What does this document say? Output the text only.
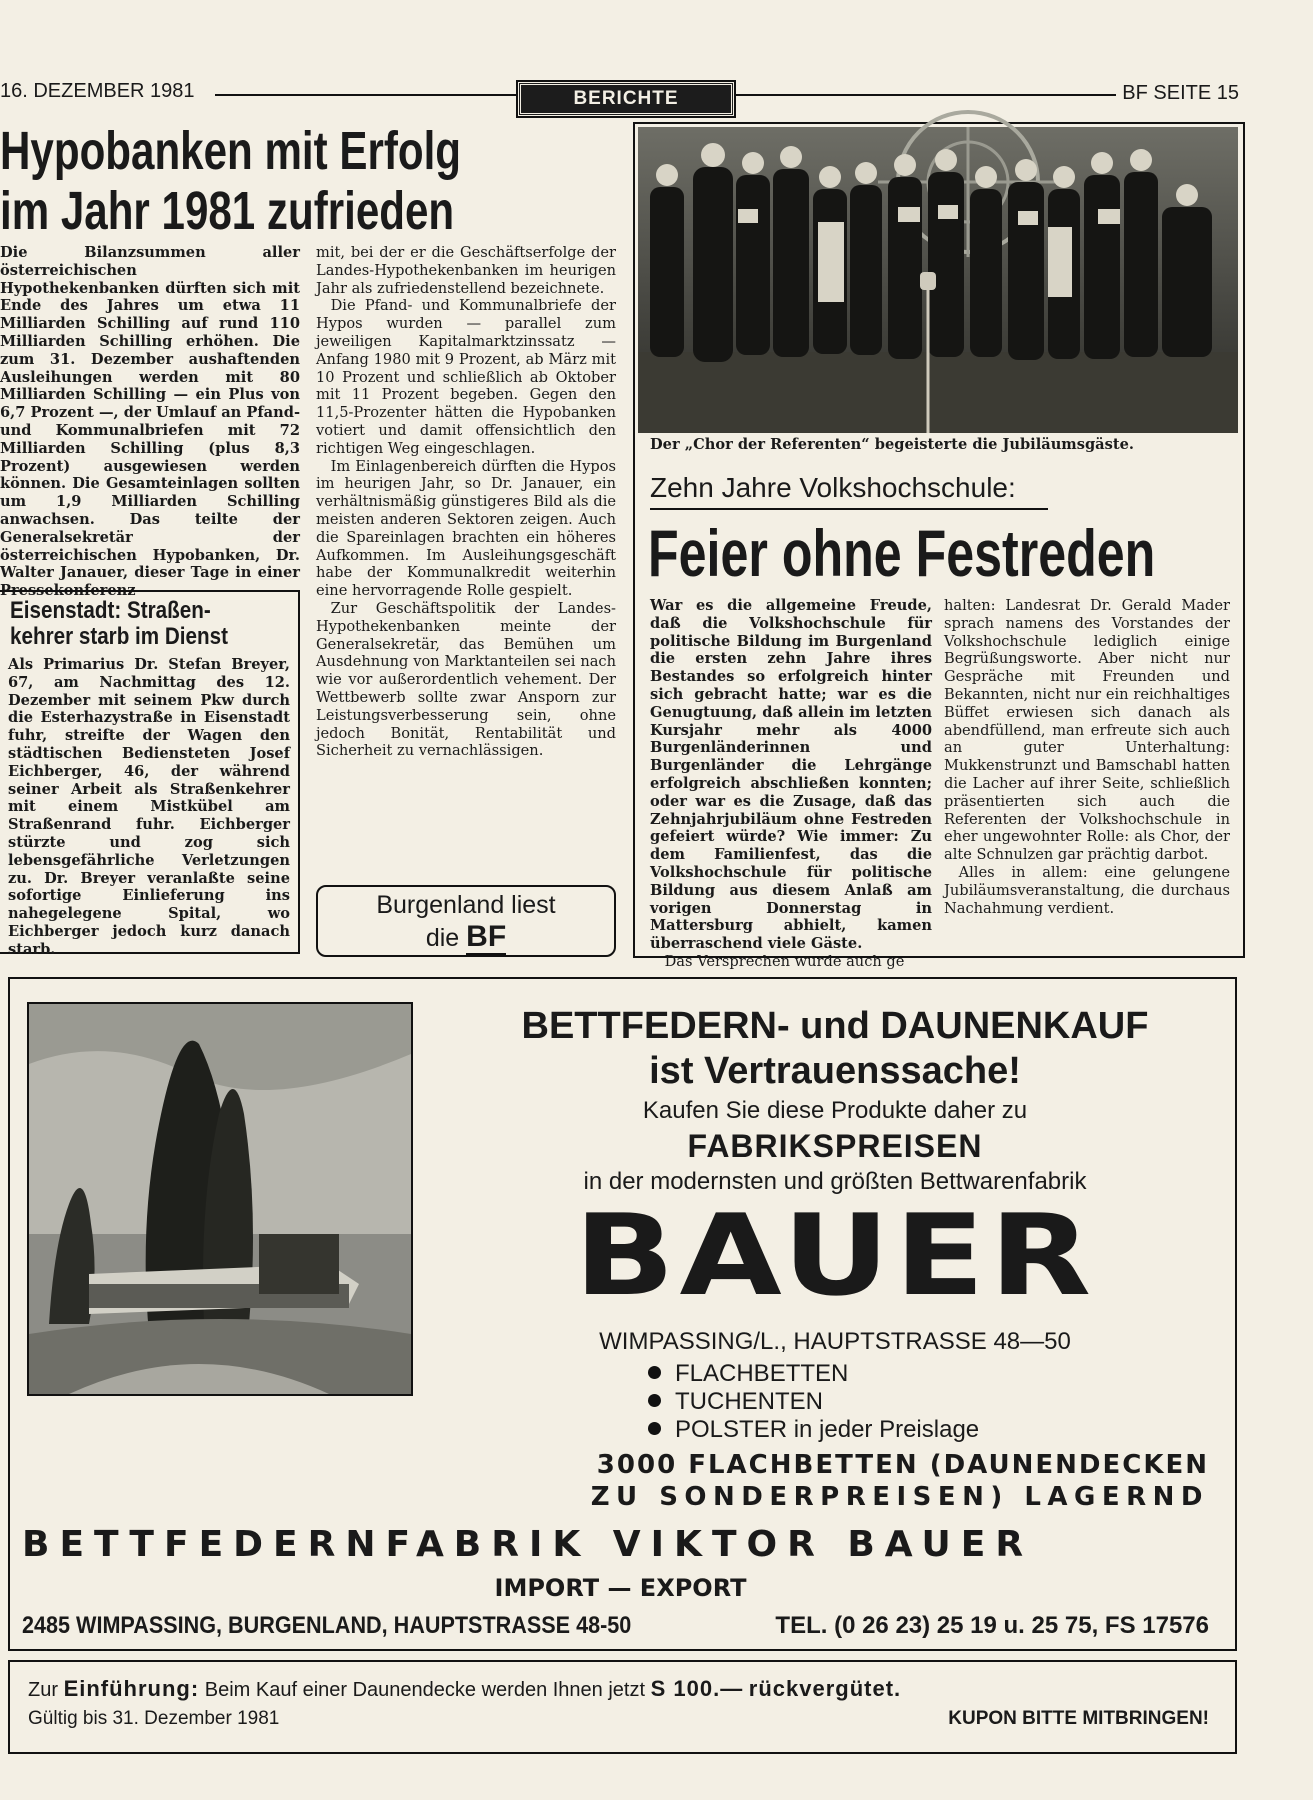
16. DEZEMBER 1981	BERICHTE	BF SEITE 15
Hypobanken mit Erfolg
im Jahr 1981 zufrieden

Die Bilanzsummen aller österreichischen Hypothekenbanken dürften sich mit Ende des Jahres um etwa 11 Milliarden Schilling auf rund 110 Milliarden Schilling erhöhen. Die zum 31. Dezember aushaftenden Ausleihungen werden mit 80 Milliarden Schilling — ein Plus von 6,7 Prozent —, der Umlauf an Pfand- und Kommunalbriefen mit 72 Milliarden Schilling (plus 8,3 Prozent) ausgewiesen werden können. Die Gesamteinlagen sollten um 1,9 Milliarden Schilling anwachsen. Das teilte der Generalsekretär der österreichischen Hypobanken, Dr. Walter Janauer, dieser Tage in einer Pressekonferenz

mit, bei der er die Geschäftserfolge der Landes-Hypothekenbanken im heurigen Jahr als zufriedenstellend bezeichnete.

Die Pfand- und Kommunalbriefe der Hypos wurden — parallel zum jeweiligen Kapitalmarktzinssatz — Anfang 1980 mit 9 Prozent, ab März mit 10 Prozent und schließlich ab Oktober mit 11 Prozent begeben. Gegen den 11,5-Prozenter hätten die Hypobanken votiert und damit offensichtlich den richtigen Weg eingeschlagen.

Im Einlagenbereich dürften die Hypos im heurigen Jahr, so Dr. Janauer, ein verhältnismäßig günstigeres Bild als die meisten anderen Sektoren zeigen. Auch die Spareinlagen brachten ein höheres Aufkommen. Im Ausleihungsgeschäft habe der Kommunalkredit weiterhin eine hervorragende Rolle gespielt.

Zur Geschäftspolitik der Landes-Hypothekenbanken meinte der Generalsekretär, das Bemühen um Ausdehnung von Marktanteilen sei nach wie vor außerordentlich vehement. Der Wettbewerb sollte zwar Ansporn zur Leistungsverbesserung sein, ohne jedoch Bonität, Rentabilität und Sicherheit zu vernachlässigen.

Eisenstadt: Straßen-
kehrer starb im Dienst
Als Primarius Dr. Stefan Breyer, 67, am Nachmittag des 12. Dezember mit seinem Pkw durch die Esterhazystraße in Eisenstadt fuhr, streifte der Wagen den städtischen Bediensteten Josef Eichberger, 46, der während seiner Arbeit als Straßenkehrer mit einem Mistkübel am Straßenrand fuhr. Eichberger stürzte und zog sich lebensgefährliche Verletzungen zu. Dr. Breyer veranlaßte seine sofortige Einlieferung ins nahegelegene Spital, wo Eichberger jedoch kurz danach starb.
Burgenland liest
die BF
Der „Chor der Referenten“ begeisterte die Jubiläumsgäste.
Zehn Jahre Volkshochschule:
Feier ohne Festreden

War es die allgemeine Freude, daß die Volkshochschule für politische Bildung im Burgenland die ersten zehn Jahre ihres Bestandes so erfolgreich hinter sich gebracht hatte; war es die Genugtuung, daß allein im letzten Kursjahr mehr als 4000 Burgenländerinnen und Burgenländer die Lehrgänge erfolgreich abschließen konnten; oder war es die Zusage, daß das Zehnjahrjubiläum ohne Festreden gefeiert würde? Wie immer: Zu dem Familienfest, das die Volkshochschule für politische Bildung aus diesem Anlaß am vorigen Donnerstag in Mattersburg abhielt, kamen überraschend viele Gäste.

Das Versprechen wurde auch ge

halten: Landesrat Dr. Gerald Mader sprach namens des Vorstandes der Volkshochschule lediglich einige Begrüßungsworte. Aber nicht nur Gespräche mit Freunden und Bekannten, nicht nur ein reichhaltiges Büffet erwiesen sich danach als abendfüllend, man erfreute sich auch an guter Unterhaltung: Mukkenstrunzt und Bamschabl hatten die Lacher auf ihrer Seite, schließlich präsentierten sich auch die Referenten der Volkshochschule in eher ungewohnter Rolle: als Chor, der alte Schnulzen gar prächtig darbot.

Alles in allem: eine gelungene Jubiläumsveranstaltung, die durchaus Nachahmung verdient.

BETTFEDERN- und DAUNENKAUF
ist Vertrauenssache!
Kaufen Sie diese Produkte daher zu
FABRIKSPREISEN
in der modernsten und größten Bettwarenfabrik
BAUER
WIMPASSING/L., HAUPTSTRASSE 48—50
FLACHBETTEN
TUCHENTEN
POLSTER in jeder Preislage
3000 FLACHBETTEN (DAUNENDECKEN
ZU SONDERPREISEN) LAGERND
BETTFEDERNFABRIK VIKTOR BAUER
IMPORT — EXPORT
2485 WIMPASSING, BURGENLAND, HAUPTSTRASSE 48-50	TEL. (0 26 23) 25 19 u. 25 75, FS 17576
Zur Einführung: Beim Kauf einer Daunendecke werden Ihnen jetzt S 100.— rückvergütet.
Gültig bis 31. Dezember 1981	KUPON BITTE MITBRINGEN!
